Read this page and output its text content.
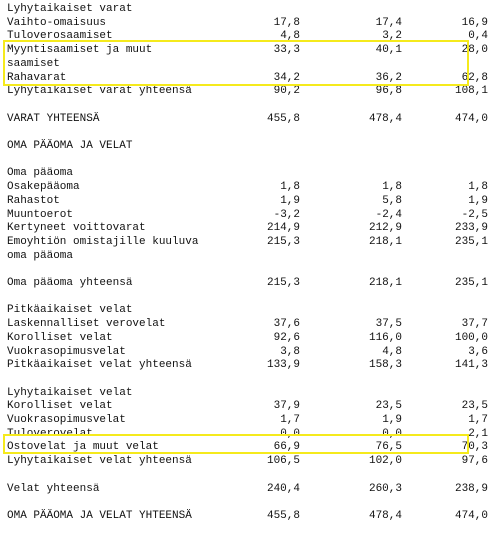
Lyhytaikaiset varat
Vaihto-omaisuus	17,8	17,4	16,9
Tuloverosaamiset	4,8	3,2	0,4
Myyntisaamiset ja muut	33,3	40,1	28,0
saamiset
Rahavarat	34,2	36,2	62,8
Lyhytaikaiset varat yhteensä	90,2	96,8	108,1
VARAT YHTEENSÄ	455,8	478,4	474,0
OMA PÄÄOMA JA VELAT
Oma pääoma
Osakepääoma	1,8	1,8	1,8
Rahastot	1,9	5,8	1,9
Muuntoerot	-3,2	-2,4	-2,5
Kertyneet voittovarat	214,9	212,9	233,9
Emoyhtiön omistajille kuuluva	215,3	218,1	235,1
oma pääoma
Oma pääoma yhteensä	215,3	218,1	235,1
Pitkäaikaiset velat
Laskennalliset verovelat	37,6	37,5	37,7
Korolliset velat	92,6	116,0	100,0
Vuokrasopimusvelat	3,8	4,8	3,6
Pitkäaikaiset velat yhteensä	133,9	158,3	141,3
Lyhytaikaiset velat
Korolliset velat	37,9	23,5	23,5
Vuokrasopimusvelat	1,7	1,9	1,7
Tuloverovelat	0,0	0,0	2,1
Ostovelat ja muut velat	66,9	76,5	70,3
Lyhytaikaiset velat yhteensä	106,5	102,0	97,6
Velat yhteensä	240,4	260,3	238,9
OMA PÄÄOMA JA VELAT YHTEENSÄ	455,8	478,4	474,0
